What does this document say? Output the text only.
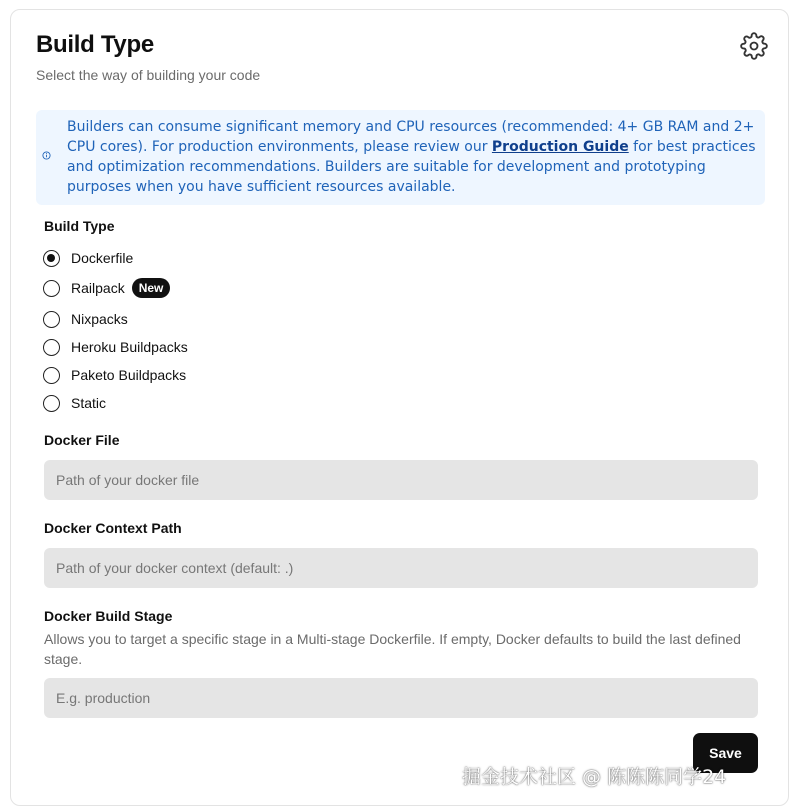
Build Type

Select the way of building your code

Builders can consume significant memory and CPU resources (recommended: 4+ GB RAM and 2+ CPU cores). For production environments, please review our Production Guide for best practices and optimization recommendations. Builders are suitable for development and prototyping purposes when you have sufficient resources available.
Build Type
Dockerfile
Railpack	New
Nixpacks
Heroku Buildpacks
Paketo Buildpacks
Static
Docker File
Path of your docker file
Docker Context Path
Path of your docker context (default: .)
Docker Build Stage

Allows you to target a specific stage in a Multi-stage Dockerfile. If empty, Docker defaults to build the last defined stage.

E.g. production
Save
掘金技术社区 @ 陈陈陈同学24
